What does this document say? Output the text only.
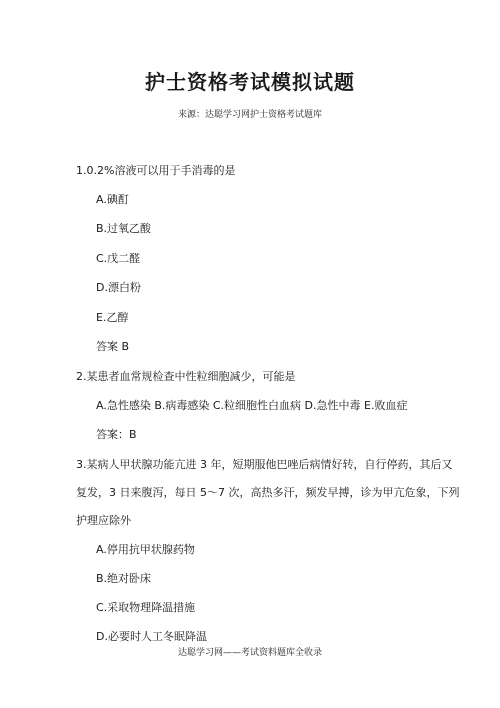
护士资格考试模拟试题
来源：达聪学习网护士资格考试题库
1.0.2%溶液可以用于手消毒的是
A.碘酊
B.过氧乙酸
C.戊二醛
D.漂白粉
E.乙醇
答案 B
2.某患者血常规检查中性粒细胞减少，可能是
A.急性感染 B.病毒感染 C.粒细胞性白血病 D.急性中毒 E.败血症
答案：B
3.某病人甲状腺功能亢进 3 年，短期服他巴唑后病情好转，自行停药，其后又
复发，3 日来腹泻，每日 5～7 次，高热多汗，频发早搏，诊为甲亢危象，下列
护理应除外
A.停用抗甲状腺药物
B.绝对卧床
C.采取物理降温措施
D.必要时人工冬眠降温
达聪学习网——考试资料题库全收录
